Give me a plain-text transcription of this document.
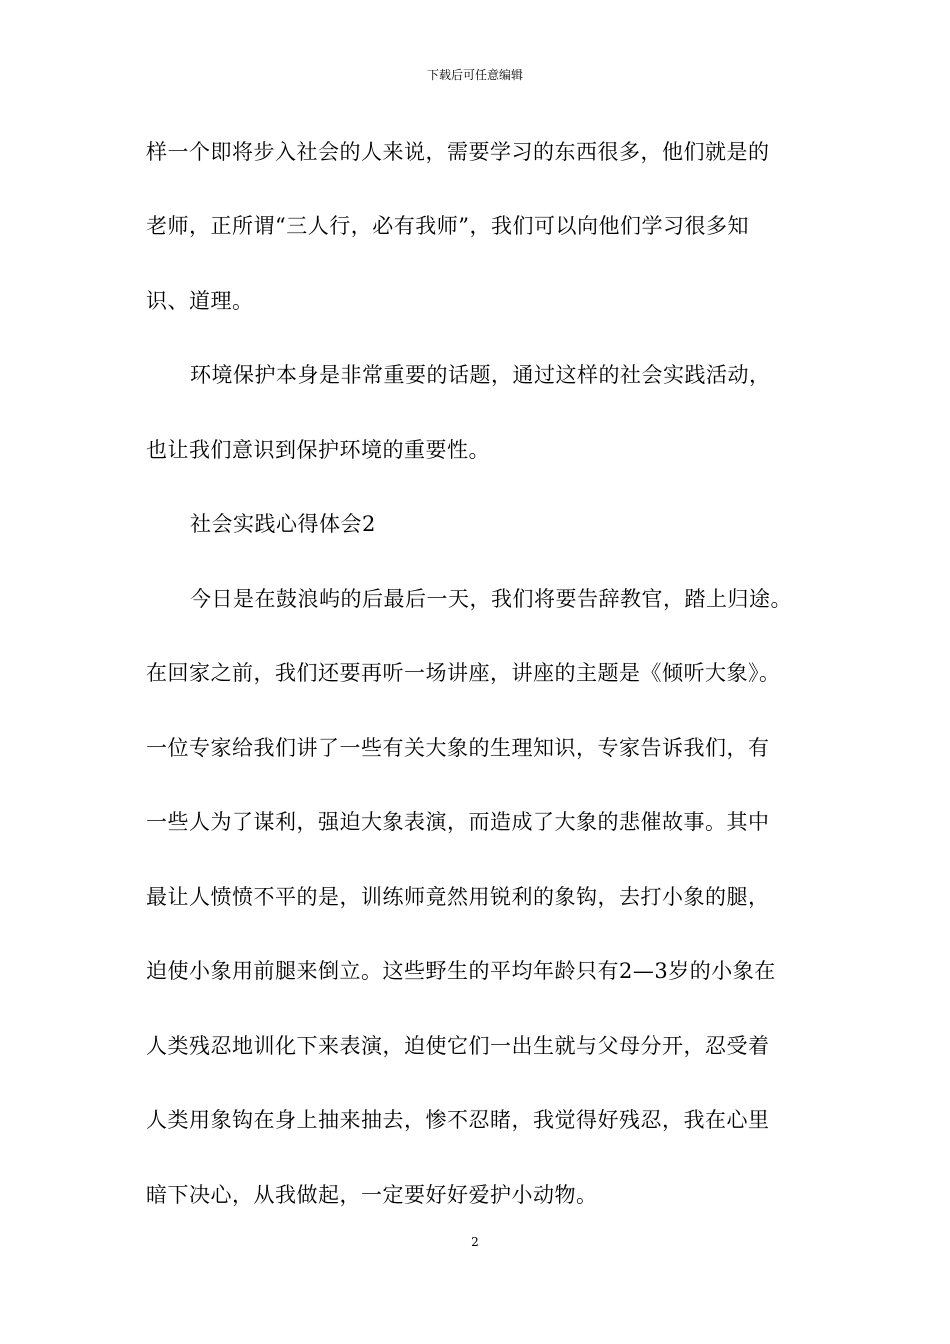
下载后可任意编辑
样一个即将步入社会的人来说，需要学习的东西很多，他们就是的
老师，正所谓“三人行，必有我师”，我们可以向他们学习很多知
识、道理。
环境保护本身是非常重要的话题，通过这样的社会实践活动，
也让我们意识到保护环境的重要性。
社会实践心得体会2
今日是在鼓浪屿的后最后一天，我们将要告辞教官，踏上归途。
在回家之前，我们还要再听一场讲座，讲座的主题是《倾听大象》。
一位专家给我们讲了一些有关大象的生理知识，专家告诉我们，有
一些人为了谋利，强迫大象表演，而造成了大象的悲催故事。其中
最让人愤愤不平的是，训练师竟然用锐利的象钩，去打小象的腿，
迫使小象用前腿来倒立。这些野生的平均年龄只有2—3岁的小象在
人类残忍地训化下来表演，迫使它们一出生就与父母分开，忍受着
人类用象钩在身上抽来抽去，惨不忍睹，我觉得好残忍，我在心里
暗下决心，从我做起，一定要好好爱护小动物。
2
